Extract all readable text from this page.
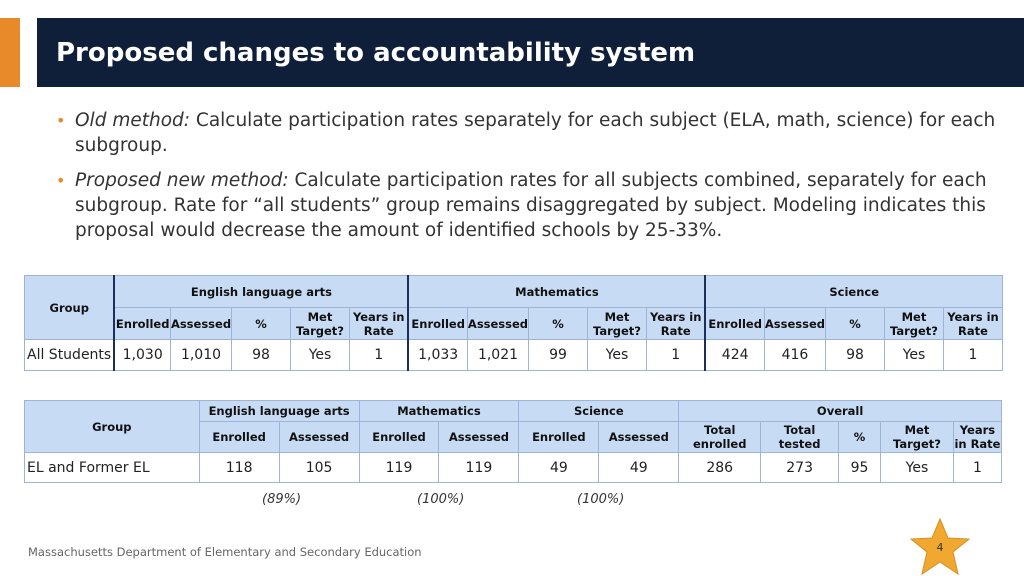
Proposed changes to accountability system
• Old method: Calculate participation rates separately for each subject (ELA, math, science) for each subgroup.
• Proposed new method: Calculate participation rates for all subjects combined, separately for each subgroup. Rate for “all students” group remains disaggregated by subject. Modeling indicates this proposal would decrease the amount of identified schools by 25-33%.
Group	English language arts					Mathematics					Science				
	Enrolled	Assessed	%	Met Target?	Years in Rate	Enrolled	Assessed	%	Met Target?	Years in Rate	Enrolled	Assessed	%	Met Target?	Years in Rate
All Students	1,030	1,010	98	Yes	1	1,033	1,021	99	Yes	1	424	416	98	Yes	1
Group	English language arts		Mathematics		Science		Overall				
	Enrolled	Assessed	Enrolled	Assessed	Enrolled	Assessed	Total enrolled	Total tested	%	Met Target?	Years in Rate
EL and Former EL	118	105	119	119	49	49	286	273	95	Yes	1
(89%)	(100%)	(100%)
Massachusetts Department of Elementary and Secondary Education	4
